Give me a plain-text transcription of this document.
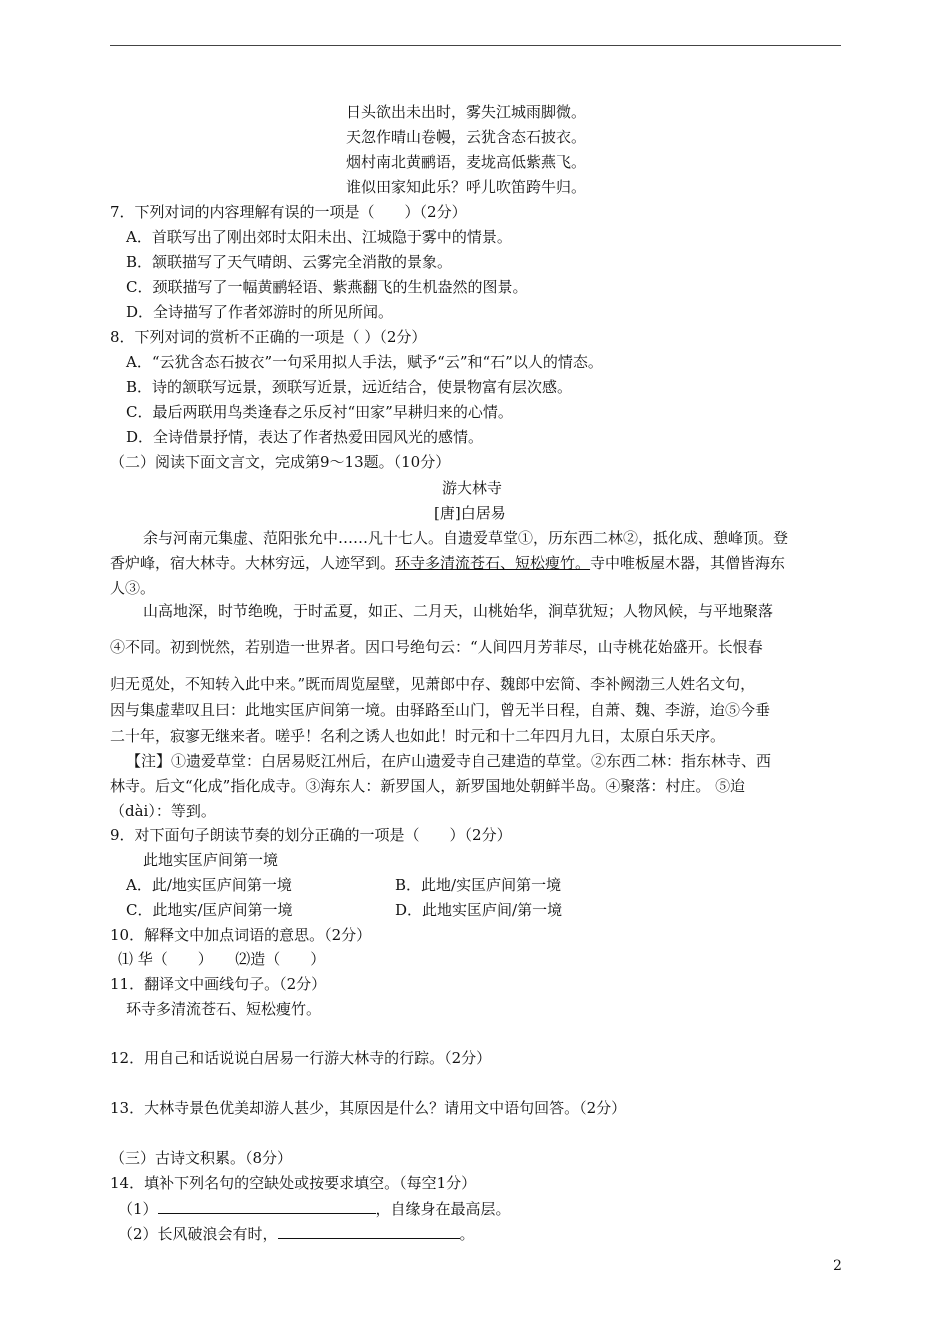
日头欲出未出时，雾失江城雨脚微。
天忽作晴山卷幔，云犹含态石披衣。
烟村南北黄鹂语，麦垅高低紫燕飞。
谁似田家知此乐？呼儿吹笛跨牛归。
7．下列对词的内容理解有误的一项是（　　）（2分）
A．首联写出了刚出郊时太阳未出、江城隐于雾中的情景。
B．颔联描写了天气晴朗、云雾完全消散的景象。
C．颈联描写了一幅黄鹂轻语、紫燕翻飞的生机盎然的图景。
D．全诗描写了作者郊游时的所见所闻。
8．下列对词的赏析不正确的一项是（ ）（2分）
A．“云犹含态石披衣”一句采用拟人手法，赋予“云”和“石”以人的情态。
B．诗的颔联写远景，颈联写近景，远近结合，使景物富有层次感。
C．最后两联用鸟类逢春之乐反衬“田家”早耕归来的心情。
D．全诗借景抒情，表达了作者热爱田园风光的感情。
（二）阅读下面文言文，完成第9～13题。（10分）
游大林寺
[唐]白居易
余与河南元集虚、范阳张允中……凡十七人。自遗爱草堂①，历东西二林②，抵化成、憩峰顶。登
香炉峰，宿大林寺。大林穷远，人迹罕到。环寺多清流苍石、短松瘦竹。寺中唯板屋木器，其僧皆海东
人③。
山高地深，时节绝晚，于时孟夏，如正、二月天，山桃始华，涧草犹短；人物风候，与平地聚落
④不同。初到恍然，若别造一世界者。因口号绝句云：“人间四月芳菲尽，山寺桃花始盛开。长恨春
归无觅处，不知转入此中来。”既而周览屋壁，见萧郎中存、魏郎中宏简、李补阙渤三人姓名文句，
因与集虚辈叹且曰：此地实匡庐间第一境。由驿路至山门，曾无半日程，自萧、魏、李游，迨⑤今垂
二十年，寂寥无继来者。嗟乎！名利之诱人也如此！时元和十二年四月九日，太原白乐天序。
【注】①遗爱草堂：白居易贬江州后，在庐山遗爱寺自己建造的草堂。②东西二林：指东林寺、西
林寺。后文“化成”指化成寺。③海东人：新罗国人，新罗国地处朝鲜半岛。④聚落：村庄。 ⑤迨
（dài）：等到。
9．对下面句子朗读节奏的划分正确的一项是（　　）（2分）
此地实匡庐间第一境
A．此/地实匡庐间第一境	B．此地/实匡庐间第一境
C．此地实/匡庐间第一境	D．此地实匡庐间/第一境
10．解释文中加点词语的意思。（2分）
⑴ 华（　　）　　⑵造（　　）
11．翻译文中画线句子。（2分）
环寺多清流苍石、短松瘦竹。
12．用自己和话说说白居易一行游大林寺的行踪。（2分）
13．大林寺景色优美却游人甚少，其原因是什么？请用文中语句回答。（2分）
（三）古诗文积累。（8分）
14．填补下列名句的空缺处或按要求填空。（每空1分）
（1）	，自缘身在最高层。
（2）长风破浪会有时，	。
2
